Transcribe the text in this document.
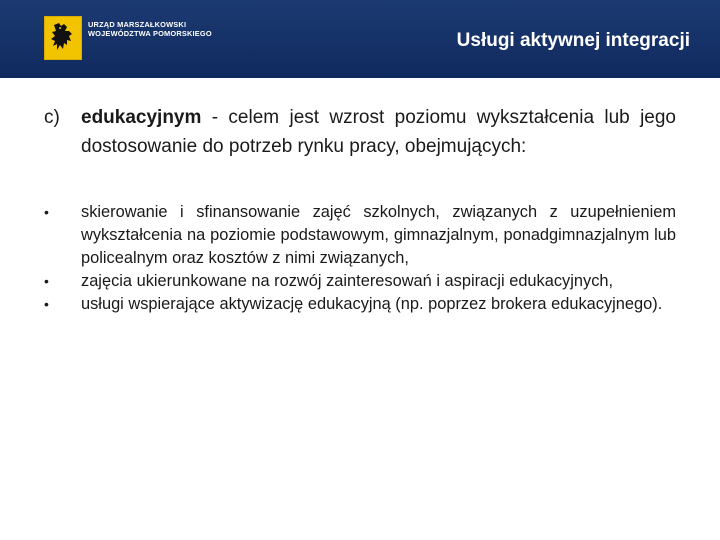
URZĄD MARSZAŁKOWSKI
WOJEWÓDZTWA POMORSKIEGO	Usługi aktywnej integracji
c)	edukacyjnym - celem jest wzrost poziomu wykształcenia lub jego dostosowanie do potrzeb rynku pracy, obejmujących:
•	skierowanie i sfinansowanie zajęć szkolnych, związanych z uzupełnieniem wykształcenia na poziomie podstawowym, gimnazjalnym, ponadgimnazjalnym lub policealnym oraz kosztów z nimi związanych,
•	zajęcia ukierunkowane na rozwój zainteresowań i aspiracji edukacyjnych,
•	usługi wspierające aktywizację edukacyjną (np. poprzez brokera edukacyjnego).
